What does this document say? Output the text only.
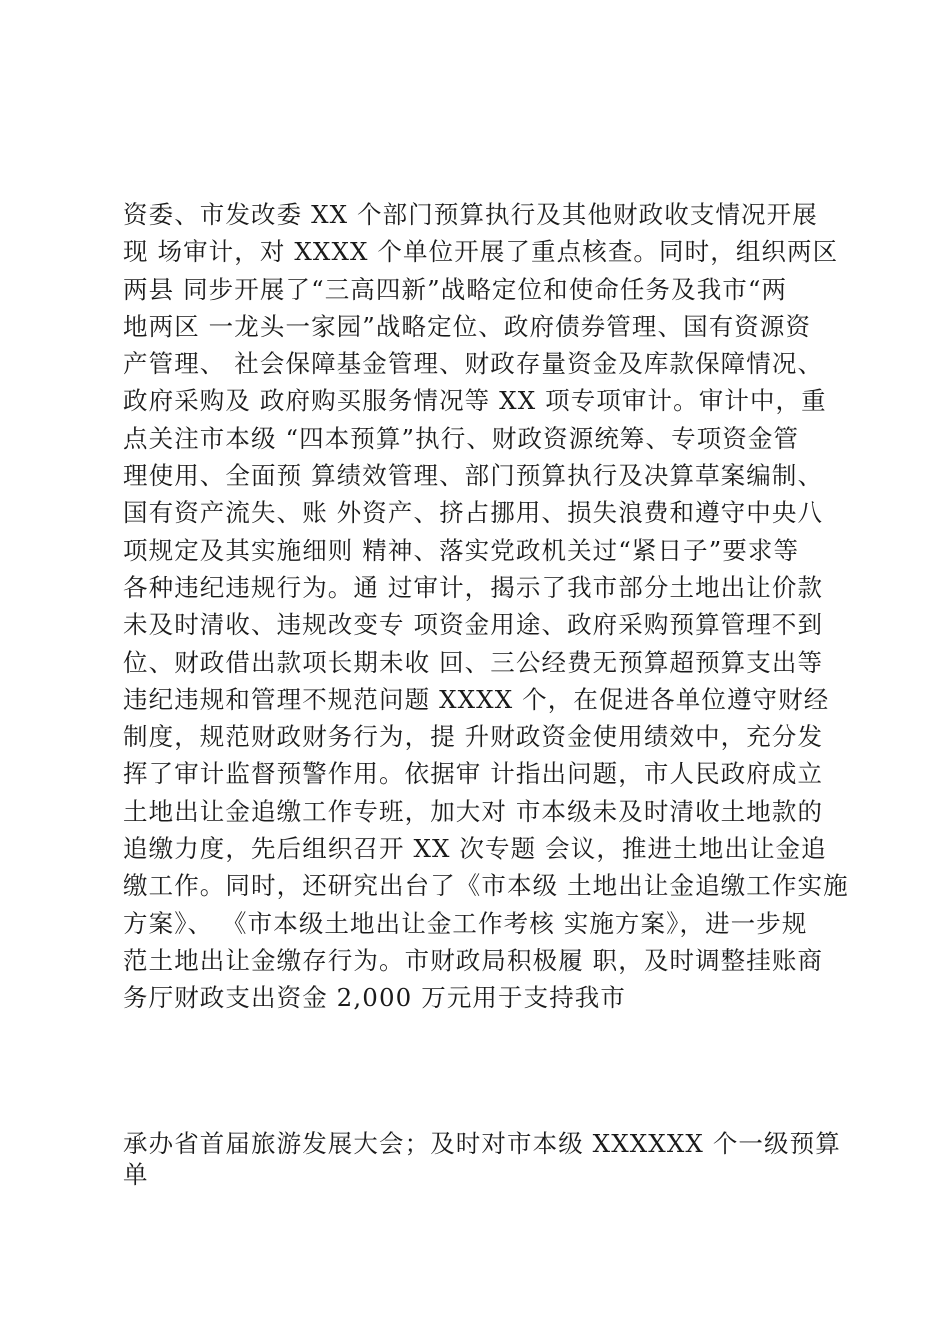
资委、市发改委 XX 个部门预算执行及其他财政收支情况开展
现 场审计，对 XXXX 个单位开展了重点核查。同时，组织两区
两县 同步开展了“三高四新”战略定位和使命任务及我市“两
地两区 一龙头一家园”战略定位、政府债券管理、国有资源资
产管理、 社会保障基金管理、财政存量资金及库款保障情况、
政府采购及 政府购买服务情况等 XX 项专项审计。审计中，重
点关注市本级 “四本预算”执行、财政资源统筹、专项资金管
理使用、全面预 算绩效管理、部门预算执行及决算草案编制、
国有资产流失、账 外资产、挤占挪用、损失浪费和遵守中央八
项规定及其实施细则 精神、落实党政机关过“紧日子”要求等
各种违纪违规行为。通 过审计，揭示了我市部分土地出让价款
未及时清收、违规改变专 项资金用途、政府采购预算管理不到
位、财政借出款项长期未收 回、三公经费无预算超预算支出等
违纪违规和管理不规范问题 XXXX 个，在促进各单位遵守财经
制度，规范财政财务行为，提 升财政资金使用绩效中，充分发
挥了审计监督预警作用。依据审 计指出问题，市人民政府成立
土地出让金追缴工作专班，加大对 市本级未及时清收土地款的
追缴力度，先后组织召开 XX 次专题 会议，推进土地出让金追
缴工作。同时，还研究出台了《市本级 土地出让金追缴工作实施
方案》、 《市本级土地出让金工作考核 实施方案》，进一步规
范土地出让金缴存行为。市财政局积极履 职，及时调整挂账商
务厅财政支出资金 2,000 万元用于支持我市
承办省首届旅游发展大会；及时对市本级 XXXXXX 个一级预算
单
